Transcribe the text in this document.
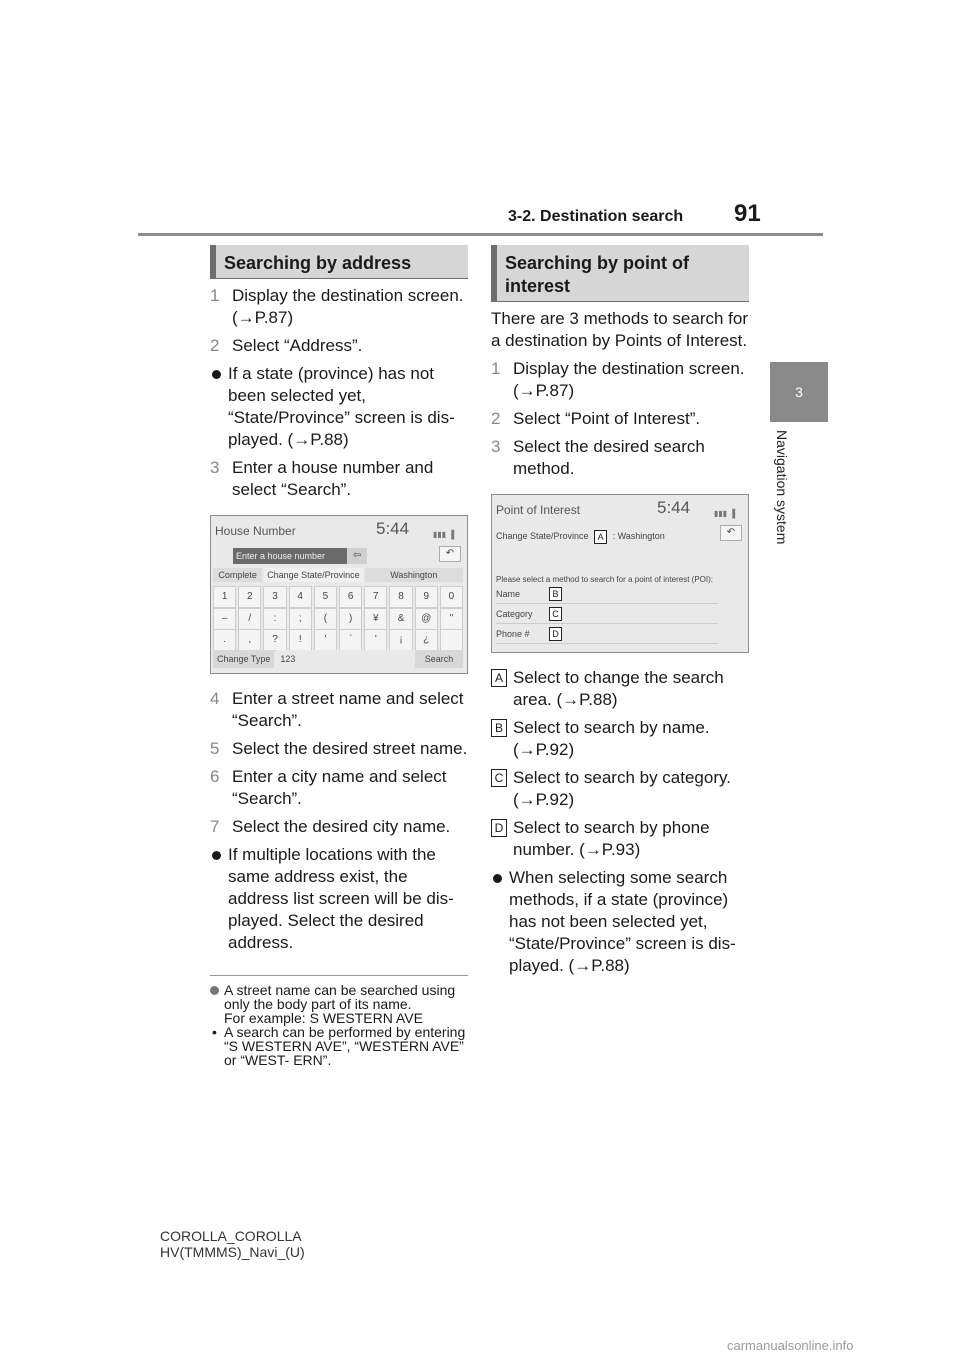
3-2. Destination search 91
3
Navigation system
Searching by address
1 Display the destination screen. (→P.87)
2 Select “Address”.
If a state (province) has not been selected yet, “State/Province” screen is dis- played. (→P.88)
3 Enter a house number and select “Search”.
House Number	5:44	▮▮▮ ▐
Enter a house number	⇦	↶
Complete	Change State/Province	Washington
1	2	3	4	5	6	7	8	9	0
–	/	:	;	(	)	¥	&	@	"
.	,	?	!	'	`	'	¡	¿
Change Type	123	Search
4 Enter a street name and select “Search”.
5 Select the desired street name.
6 Enter a city name and select “Search”.
7 Select the desired city name.
If multiple locations with the same address exist, the address list screen will be dis- played. Select the desired address.
A street name can be searched using only the body part of its name.
For example: S WESTERN AVE
• A search can be performed by entering “S WESTERN AVE”, “WESTERN AVE” or “WEST- ERN”.
Searching by point of interest
There are 3 methods to search for a destination by Points of Interest.
1 Display the destination screen. (→P.87)
2 Select “Point of Interest”.
3 Select the desired search method.
Point of Interest	5:44	▮▮▮ ▐
Change State/Province A : Washington	↶
Please select a method to search for a point of interest (POI):
Name	B
Category	C
Phone #	D
A Select to change the search area. (→P.88)
B Select to search by name. (→P.92)
C Select to search by category. (→P.92)
D Select to search by phone number. (→P.93)
When selecting some search methods, if a state (province) has not been selected yet, “State/Province” screen is dis- played. (→P.88)
COROLLA_COROLLA
HV(TMMMS)_Navi_(U)
carmanualsonline.info
